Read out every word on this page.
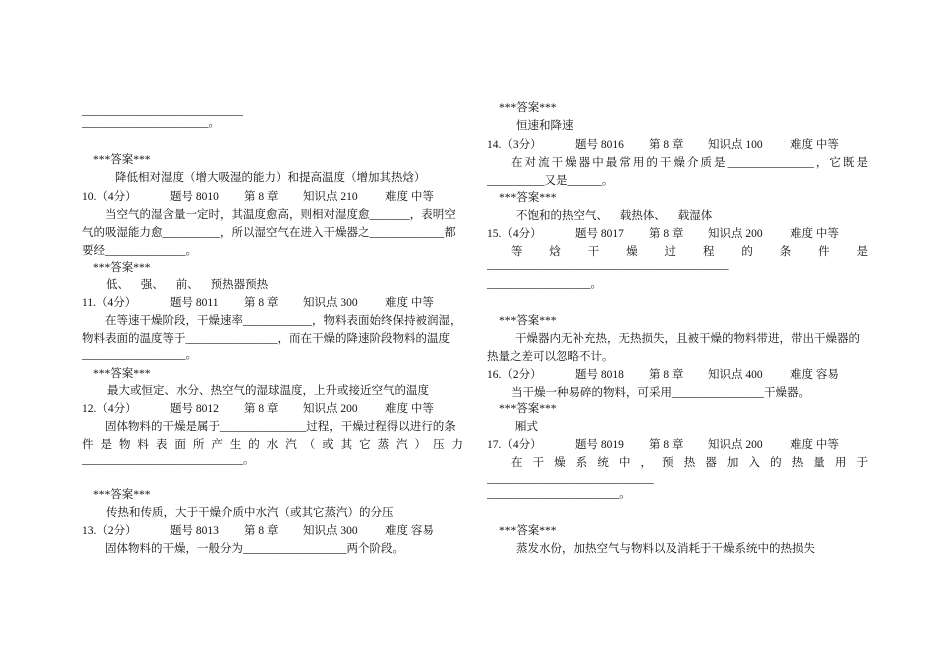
____________________________
______________________。
***答案***
降低相对湿度（增大吸湿的能力）和提高温度（增加其热焓）
10.（4分）	题号 8010 第 8 章 知识点 210 难度 中等
当空气的湿含量一定时，其温度愈高，则相对湿度愈_______，表明空
气的吸湿能力愈__________，所以湿空气在进入干燥器之_____________都
要经______________。
***答案***
低、 强、 前、 预热器预热
11.（4分）	题号 8011 第 8 章 知识点 300 难度 中等
在等速干燥阶段，干燥速率____________，物料表面始终保持被润湿，
物料表面的温度等于________________，而在干燥的降速阶段物料的温度
__________________。
***答案***
最大或恒定、水分、热空气的湿球温度，上升或接近空气的温度
12.（4分）	题号 8012 第 8 章 知识点 200 难度 中等
固体物料的干燥是属于_______________过程，干燥过程得以进行的条
件是物料表面所产生的水汽（或其它蒸汽）压力
____________________________。
***答案***
传热和传质，大于干燥介质中水汽（或其它蒸汽）的分压
13.（2分）	题号 8013 第 8 章 知识点 300 难度 容易
固体物料的干燥，一般分为__________________两个阶段。
***答案***
恒速和降速
14.（3分）	题号 8016 第 8 章 知识点 100 难度 中等
在对流干燥器中最常用的干燥介质是_______________，它既是
__________又是______。
***答案***
不饱和的热空气、 载热体、 载湿体
15.（4分）	题号 8017 第 8 章 知识点 200 难度 中等
等焓干燥过程的条件是
__________________________________________
__________________。
***答案***
干燥器内无补充热，无热损失，且被干燥的物料带进，带出干燥器的
热量之差可以忽略不计。
16.（2分）	题号 8018 第 8 章 知识点 400 难度 容易
当干燥一种易碎的物料，可采用________________干燥器。
***答案***
厢式
17.（4分）	题号 8019 第 8 章 知识点 200 难度 中等
在干燥系统中，预热器加入的热量用于
_____________________________
_______________________。
***答案***
蒸发水份，加热空气与物料以及消耗于干燥系统中的热损失
